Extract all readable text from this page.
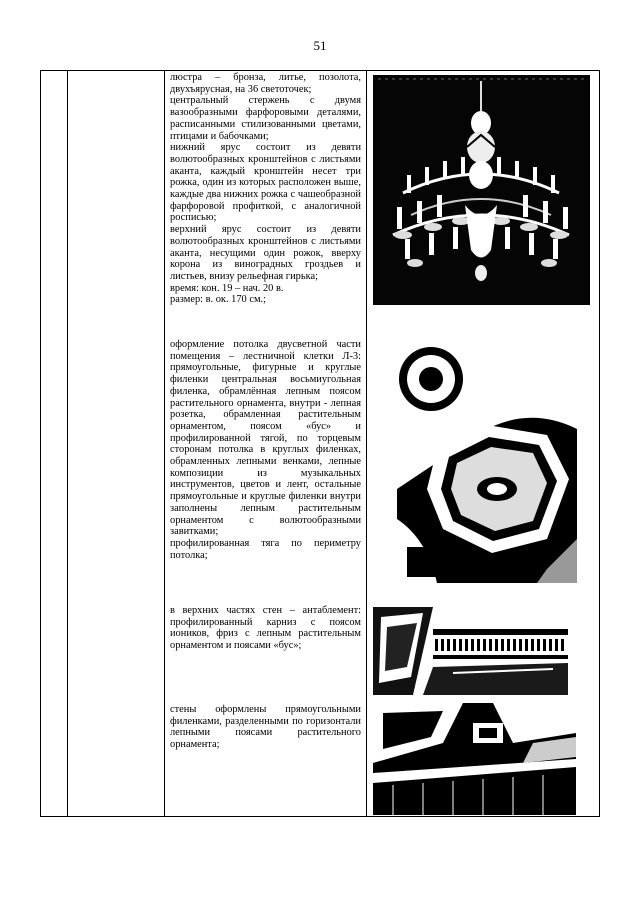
51

люстра – бронза, литье, позолота, двухъярусная, на 36 светоточек;
центральный стержень с двумя вазообразными фарфоровыми деталями, расписанными стилизованными цветами, птицами и бабочками;
нижний ярус состоит из девяти волютообразных кронштейнов с листьями аканта, каждый кронштейн несет три рожка, один из которых расположен выше, каждые два нижних рожка с чашеобразной фарфоровой профиткой, с аналогичной росписью;
верхний ярус состоит из девяти волютообразных кронштейнов с листьями аканта, несущими один рожок, вверху корона из виноградных гроздьев и листьев, внизу рельефная гирька;
время: кон. 19 – нач. 20 в.
размер: в. ок. 170 см.;
оформление потолка двусветной части помещения – лестничной клетки Л-3: прямоугольные, фигурные и круглые филенки центральная восьмиугольная филенка, обрамлённая лепным поясом растительного орнамента, внутри - лепная розетка, обрамленная растительным орнаментом, поясом «бус» и профилированной тягой, по торцевым сторонам потолка в круглых филенках, обрамленных лепными венками, лепные композиции из музыкальных инструментов, цветов и лент, остальные прямоугольные и круглые филенки внутри заполнены лепным растительным орнаментом с волютообразными завитками;
профилированная тяга по периметру потолка;
в верхних частях стен – антаблемент: профилированный карниз с поясом иоников, фриз с лепным растительным орнаментом и поясами «бус»;
стены оформлены прямоугольными филенками, разделенными по горизонтали лепными поясами растительного орнамента;
